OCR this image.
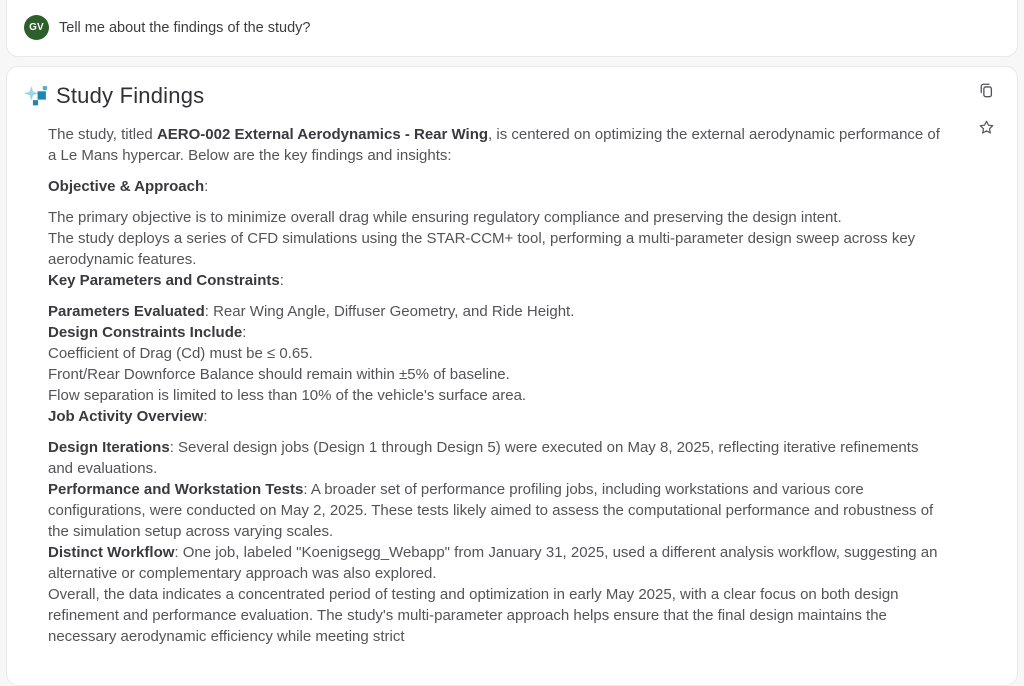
GV	Tell me about the findings of the study?
Study Findings
The study, titled AERO-002 External Aerodynamics - Rear Wing, is centered on optimizing the external aerodynamic performance of a Le Mans hypercar. Below are the key findings and insights:
Objective & Approach:
The primary objective is to minimize overall drag while ensuring regulatory compliance and preserving the design intent.
The study deploys a series of CFD simulations using the STAR-CCM+ tool, performing a multi-parameter design sweep across key aerodynamic features.
Key Parameters and Constraints:
Parameters Evaluated: Rear Wing Angle, Diffuser Geometry, and Ride Height.
Design Constraints Include:
Coefficient of Drag (Cd) must be ≤ 0.65.
Front/Rear Downforce Balance should remain within ±5% of baseline.
Flow separation is limited to less than 10% of the vehicle's surface area.
Job Activity Overview:
Design Iterations: Several design jobs (Design 1 through Design 5) were executed on May 8, 2025, reflecting iterative refinements and evaluations.
Performance and Workstation Tests: A broader set of performance profiling jobs, including workstations and various core configurations, were conducted on May 2, 2025. These tests likely aimed to assess the computational performance and robustness of the simulation setup across varying scales.
Distinct Workflow: One job, labeled "Koenigsegg_Webapp" from January 31, 2025, used a different analysis workflow, suggesting an alternative or complementary approach was also explored.
Overall, the data indicates a concentrated period of testing and optimization in early May 2025, with a clear focus on both design refinement and performance evaluation. The study's multi-parameter approach helps ensure that the final design maintains the necessary aerodynamic efficiency while meeting strict
